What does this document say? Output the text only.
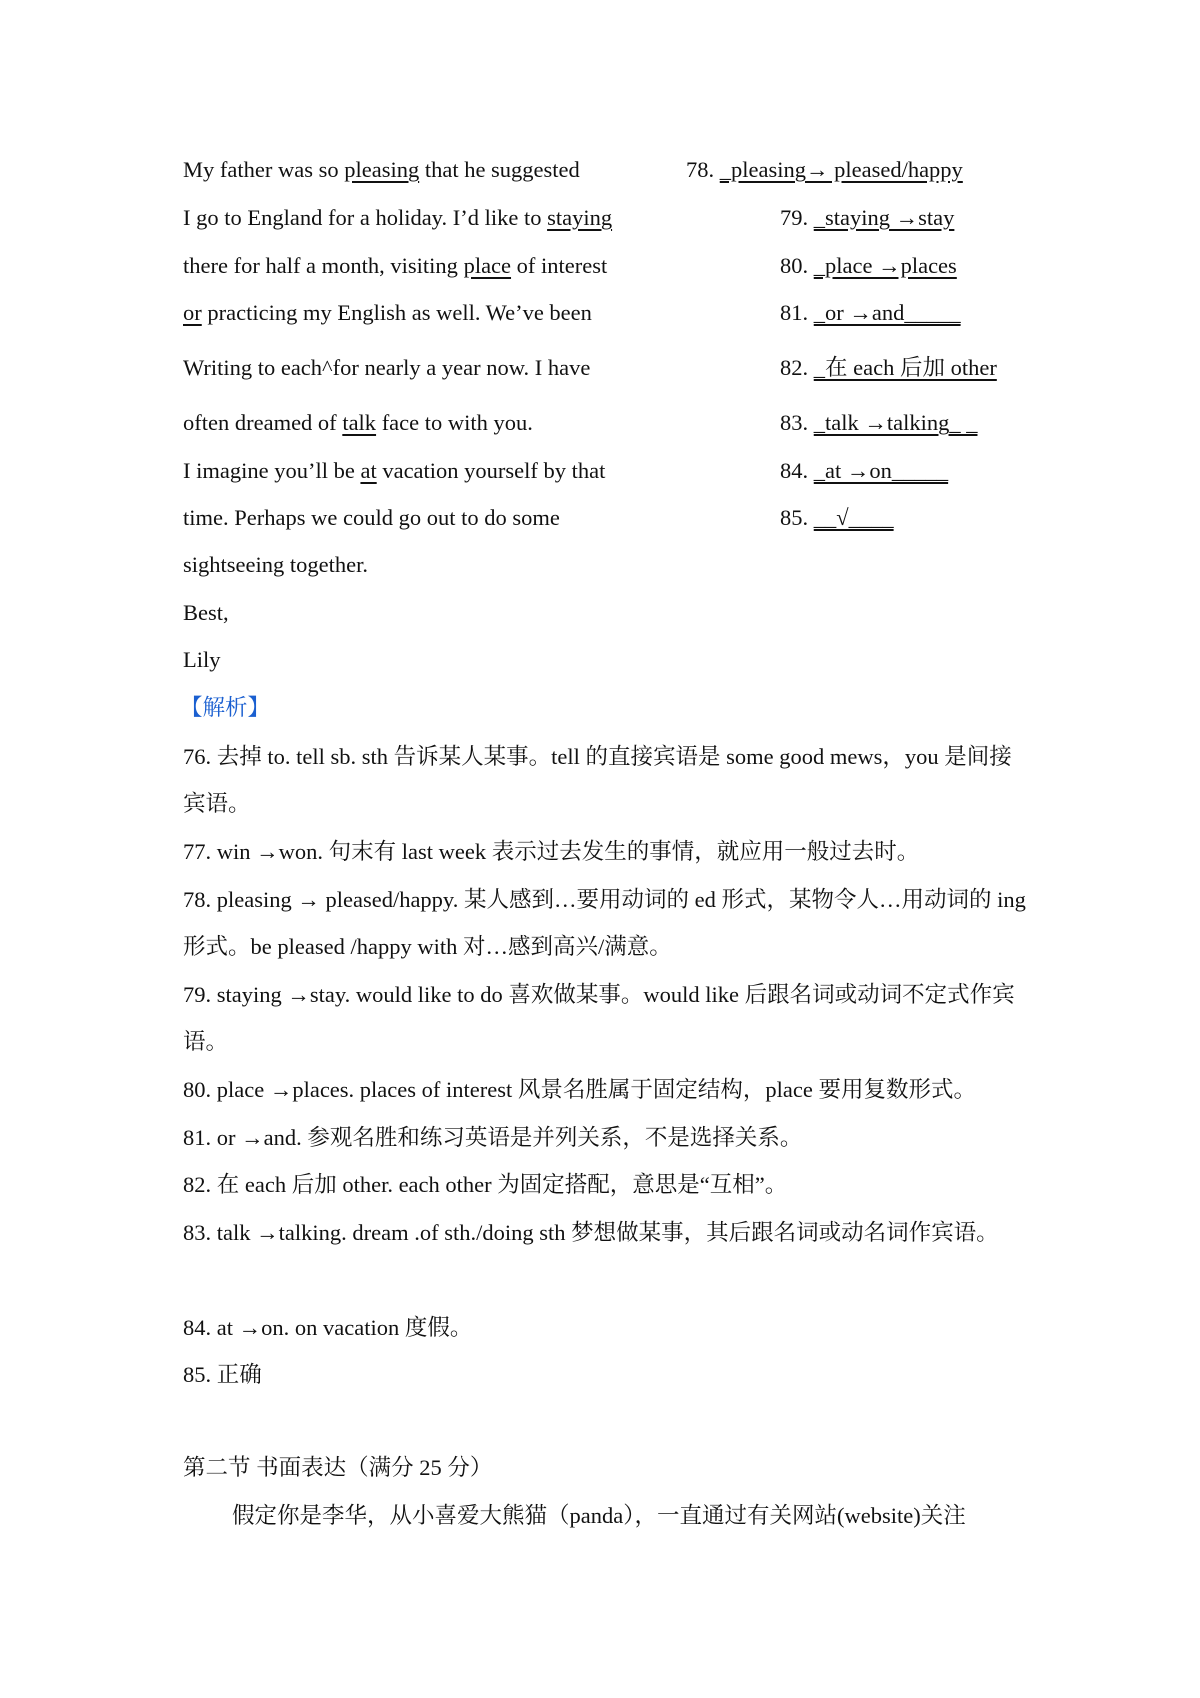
My father was so pleasing that he suggested
I go to England for a holiday. I’d like to staying
there for half a month, visiting place of interest
or practicing my English as well. We’ve been
Writing to each^for nearly a year now. I have
often dreamed of talk face to with you.
I imagine you’ll be at vacation yourself by that
time. Perhaps we could go out to do some
sightseeing together.
Best,
Lily
78. _pleasing→ pleased/happy
79. _staying →stay
80. _place →places
81. _or →and_____
82. _在 each 后加 other
83. _talk →talking_ _
84. _at →on_____
85. __√____
【解析】
76. 去掉 to. tell sb. sth 告诉某人某事。tell 的直接宾语是 some good mews，you 是间接宾语。
77. win →won. 句末有 last week 表示过去发生的事情，就应用一般过去时。
78. pleasing → pleased/happy. 某人感到…要用动词的 ed 形式，某物令人…用动词的 ing 形式。be pleased /happy with 对…感到高兴/满意。
79. staying →stay. would like to do 喜欢做某事。would like 后跟名词或动词不定式作宾语。
80. place →places. places of interest 风景名胜属于固定结构，place 要用复数形式。
81. or →and. 参观名胜和练习英语是并列关系，不是选择关系。
82. 在 each 后加 other. each other 为固定搭配，意思是“互相”。
83. talk →talking. dream .of sth./doing sth 梦想做某事，其后跟名词或动名词作宾语。
84. at →on. on vacation 度假。
85. 正确
第二节 书面表达（满分 25 分）
假定你是李华，从小喜爱大熊猫（panda），一直通过有关网站(website)关注
